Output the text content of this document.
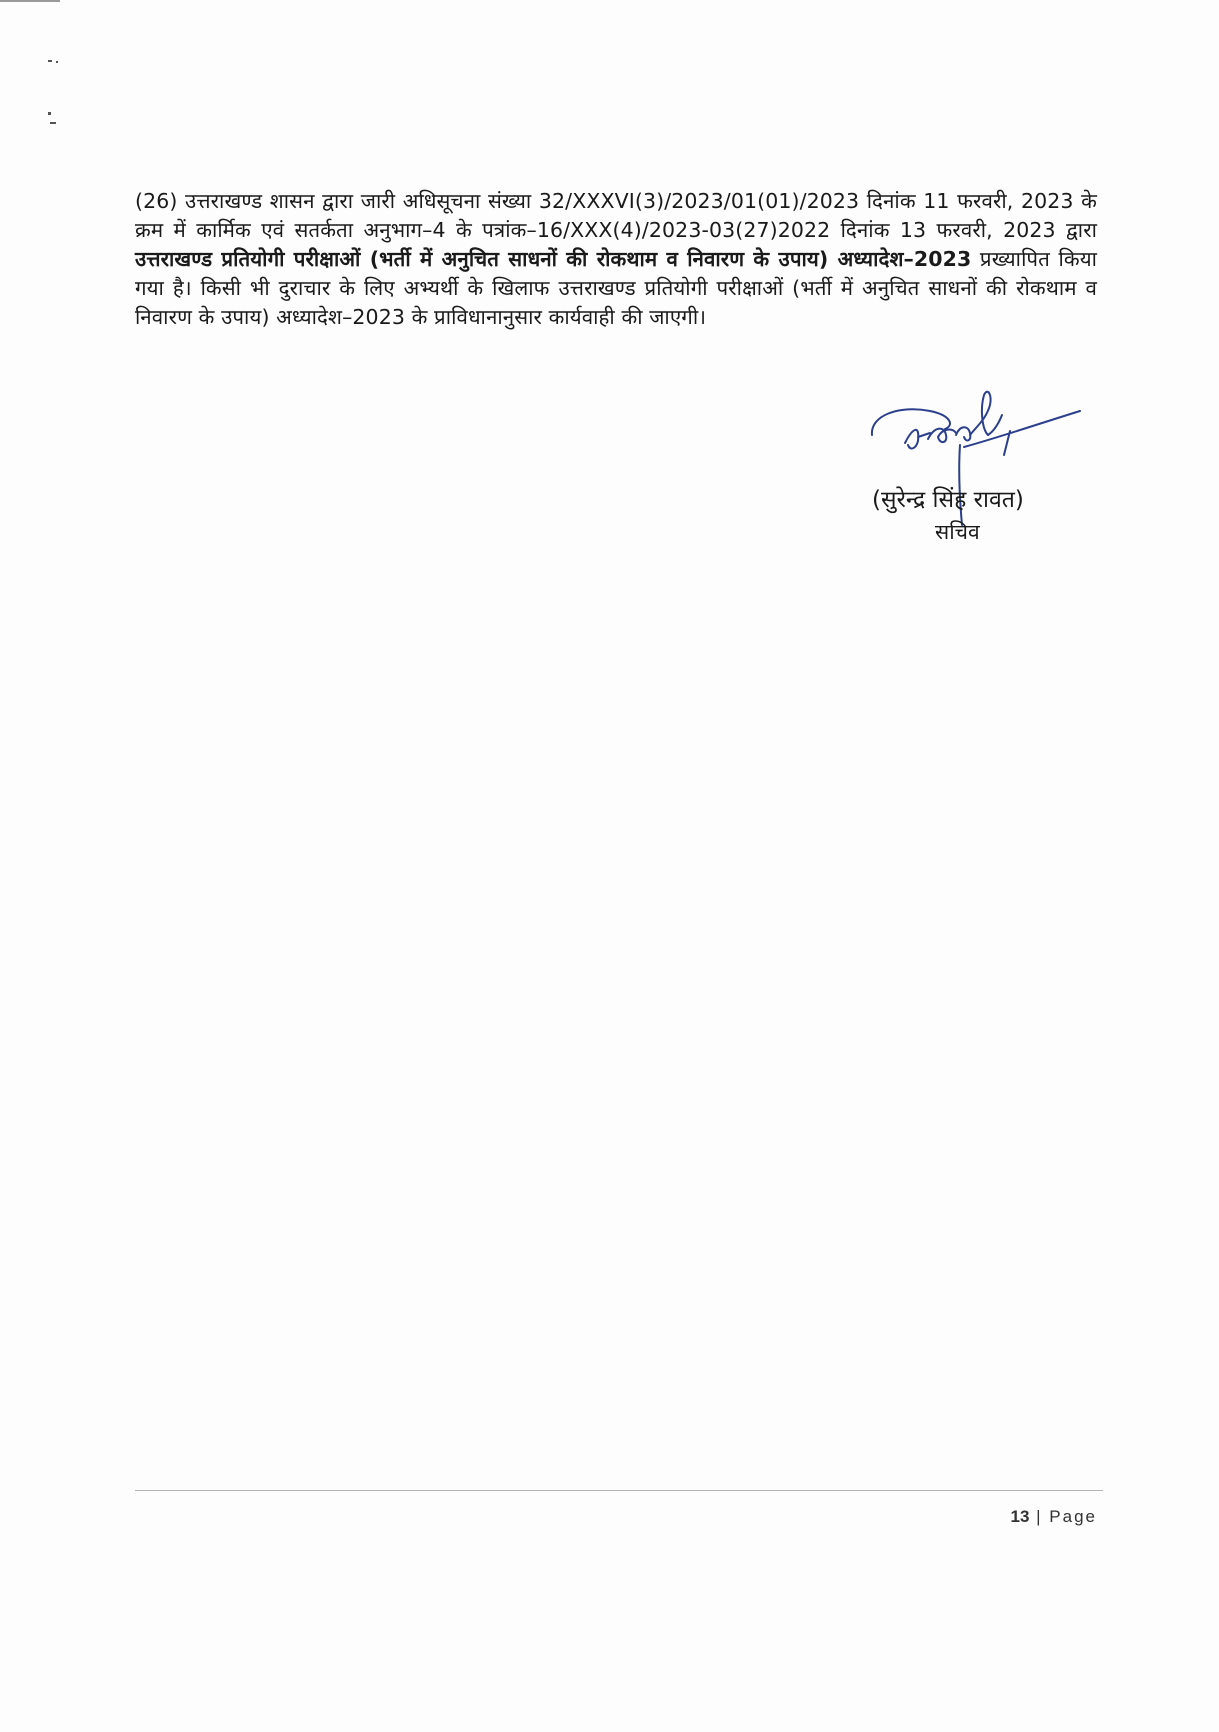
(26) उत्तराखण्ड शासन द्वारा जारी अधिसूचना संख्या 32/XXXVI(3)/2023/01(01)/2023 दिनांक 11 फरवरी, 2023 के क्रम में कार्मिक एवं सतर्कता अनुभाग–4 के पत्रांक–16/XXX(4)/2023-03(27)2022 दिनांक 13 फरवरी, 2023 द्वारा उत्तराखण्ड प्रतियोगी परीक्षाओं (भर्ती में अनुचित साधनों की रोकथाम व निवारण के उपाय) अध्यादेश–2023 प्रख्यापित किया गया है। किसी भी दुराचार के लिए अभ्यर्थी के खिलाफ उत्तराखण्ड प्रतियोगी परीक्षाओं (भर्ती में अनुचित साधनों की रोकथाम व निवारण के उपाय) अध्यादेश–2023 के प्राविधानानुसार कार्यवाही की जाएगी।

(सुरेन्द्र सिंह रावत)
सचिव
13 | Page
